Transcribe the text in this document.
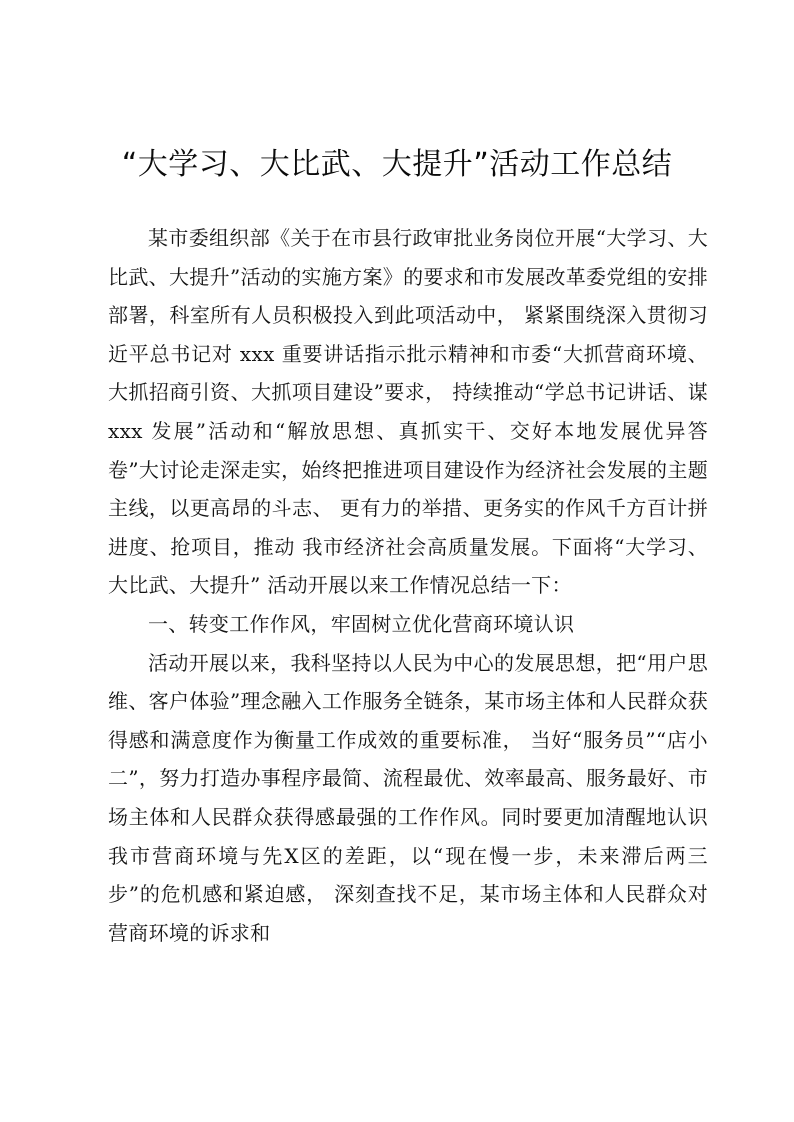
“大学习、大比武、大提升”活动工作总结

某市委组织部《关于在市县行政审批业务岗位开展“大学习、大比武、大提升”活动的实施方案》的要求和市发展改革委党组的安排部署，科室所有人员积极投入到此项活动中， 紧紧围绕深入贯彻习近平总书记对 xxx 重要讲话指示批示精神和市委“大抓营商环境、大抓招商引资、大抓项目建设”要求， 持续推动“学总书记讲话、谋 xxx 发展”活动和“解放思想、真抓实干、交好本地发展优异答卷”大讨论走深走实，始终把推进项目建设作为经济社会发展的主题主线，以更高昂的斗志、 更有力的举措、更务实的作风千方百计拼进度、抢项目，推动 我市经济社会高质量发展。下面将“大学习、大比武、大提升” 活动开展以来工作情况总结一下：

一、转变工作作风，牢固树立优化营商环境认识

活动开展以来，我科坚持以人民为中心的发展思想，把“用户思维、客户体验”理念融入工作服务全链条，某市场主体和人民群众获得感和满意度作为衡量工作成效的重要标准， 当好“服务员”“店小二”，努力打造办事程序最简、流程最优、效率最高、服务最好、市场主体和人民群众获得感最强的工作作风。同时要更加清醒地认识我市营商环境与先X区的差距，以“现在慢一步，未来滞后两三步”的危机感和紧迫感， 深刻查找不足，某市场主体和人民群众对营商环境的诉求和
